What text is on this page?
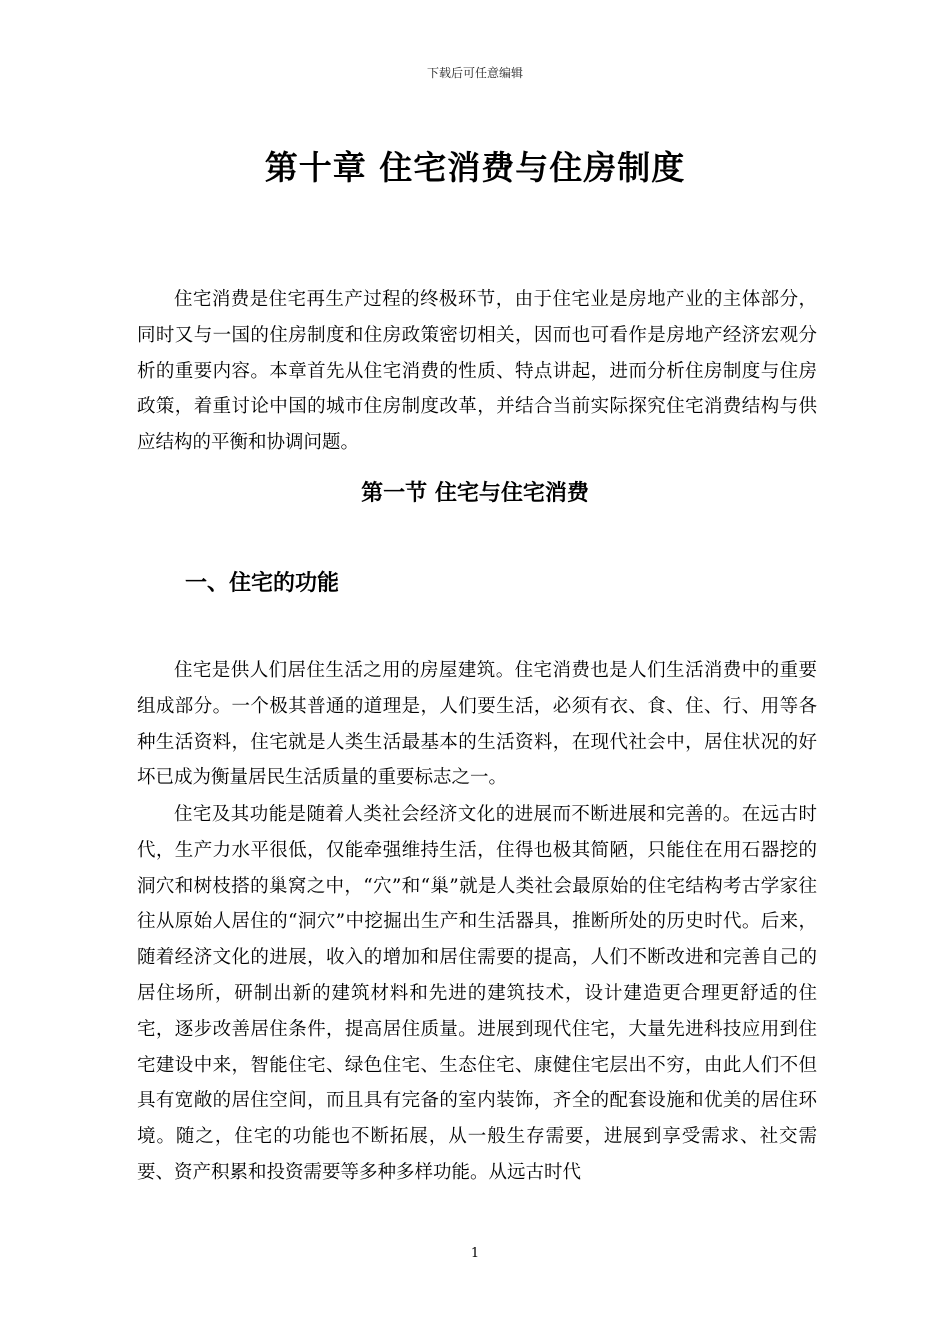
下载后可任意编辑
第十章 住宅消费与住房制度

住宅消费是住宅再生产过程的终极环节，由于住宅业是房地产业的主体部分，同时又与一国的住房制度和住房政策密切相关，因而也可看作是房地产经济宏观分析的重要内容。本章首先从住宅消费的性质、特点讲起，进而分析住房制度与住房政策，着重讨论中国的城市住房制度改革，并结合当前实际探究住宅消费结构与供应结构的平衡和协调问题。

第一节 住宅与住宅消费
一、住宅的功能

住宅是供人们居住生活之用的房屋建筑。住宅消费也是人们生活消费中的重要组成部分。一个极其普通的道理是，人们要生活，必须有衣、食、住、行、用等各种生活资料，住宅就是人类生活最基本的生活资料，在现代社会中，居住状况的好坏已成为衡量居民生活质量的重要标志之一。

住宅及其功能是随着人类社会经济文化的进展而不断进展和完善的。在远古时代，生产力水平很低，仅能牵强维持生活，住得也极其简陋，只能住在用石器挖的洞穴和树枝搭的巢窝之中，“穴”和“巢”就是人类社会最原始的住宅结构考古学家往往从原始人居住的“洞穴”中挖掘出生产和生活器具，推断所处的历史时代。后来，随着经济文化的进展，收入的增加和居住需要的提高，人们不断改进和完善自己的居住场所，研制出新的建筑材料和先进的建筑技术，设计建造更合理更舒适的住宅，逐步改善居住条件，提高居住质量。进展到现代住宅，大量先进科技应用到住宅建设中来，智能住宅、绿色住宅、生态住宅、康健住宅层出不穷，由此人们不但具有宽敞的居住空间，而且具有完备的室内装饰，齐全的配套设施和优美的居住环境。随之，住宅的功能也不断拓展，从一般生存需要，进展到享受需求、社交需要、资产积累和投资需要等多种多样功能。从远古时代

1
